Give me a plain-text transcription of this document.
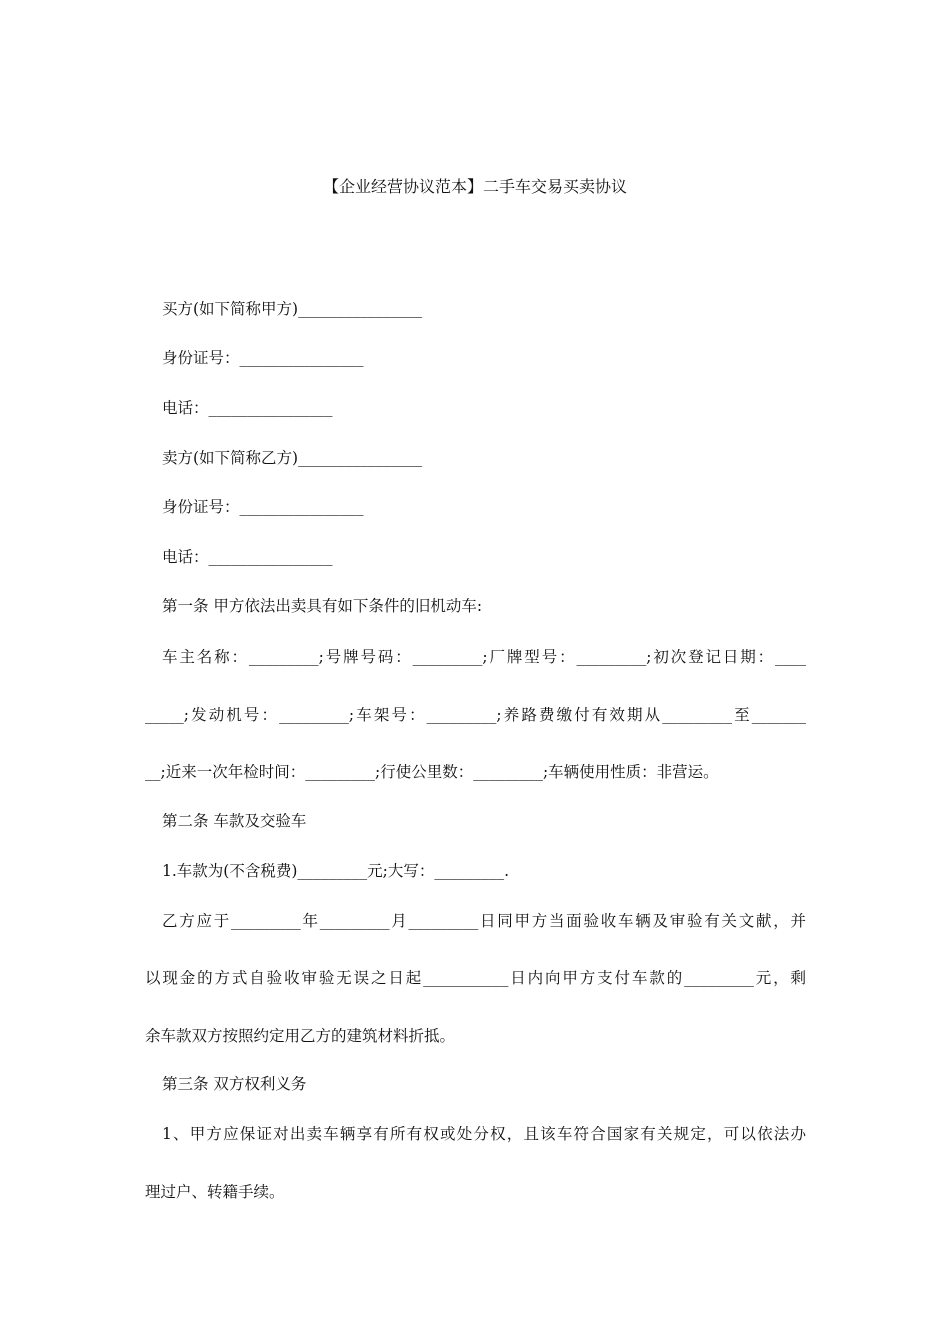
【企业经营协议范本】二手车交易买卖协议
买方(如下简称甲方)________________
身份证号：________________
电话：________________
卖方(如下简称乙方)________________
身份证号：________________
电话：________________
第一条 甲方依法出卖具有如下条件的旧机动车:
车主名称：_________;号牌号码：_________;厂牌型号：_________;初次登记日期：____
_____;发动机号：_________;车架号：_________;养路费缴付有效期从_________至_______
__;近来一次年检时间：_________;行使公里数：_________;车辆使用性质：非营运。
第二条 车款及交验车
1.车款为(不含税费)_________元;大写：_________.
乙方应于_________年_________月_________日同甲方当面验收车辆及审验有关文献，并
以现金的方式自验收审验无误之日起___________日内向甲方支付车款的_________元，剩
余车款双方按照约定用乙方的建筑材料折抵。
第三条 双方权利义务
1、甲方应保证对出卖车辆享有所有权或处分权，且该车符合国家有关规定，可以依法办
理过户、转籍手续。
